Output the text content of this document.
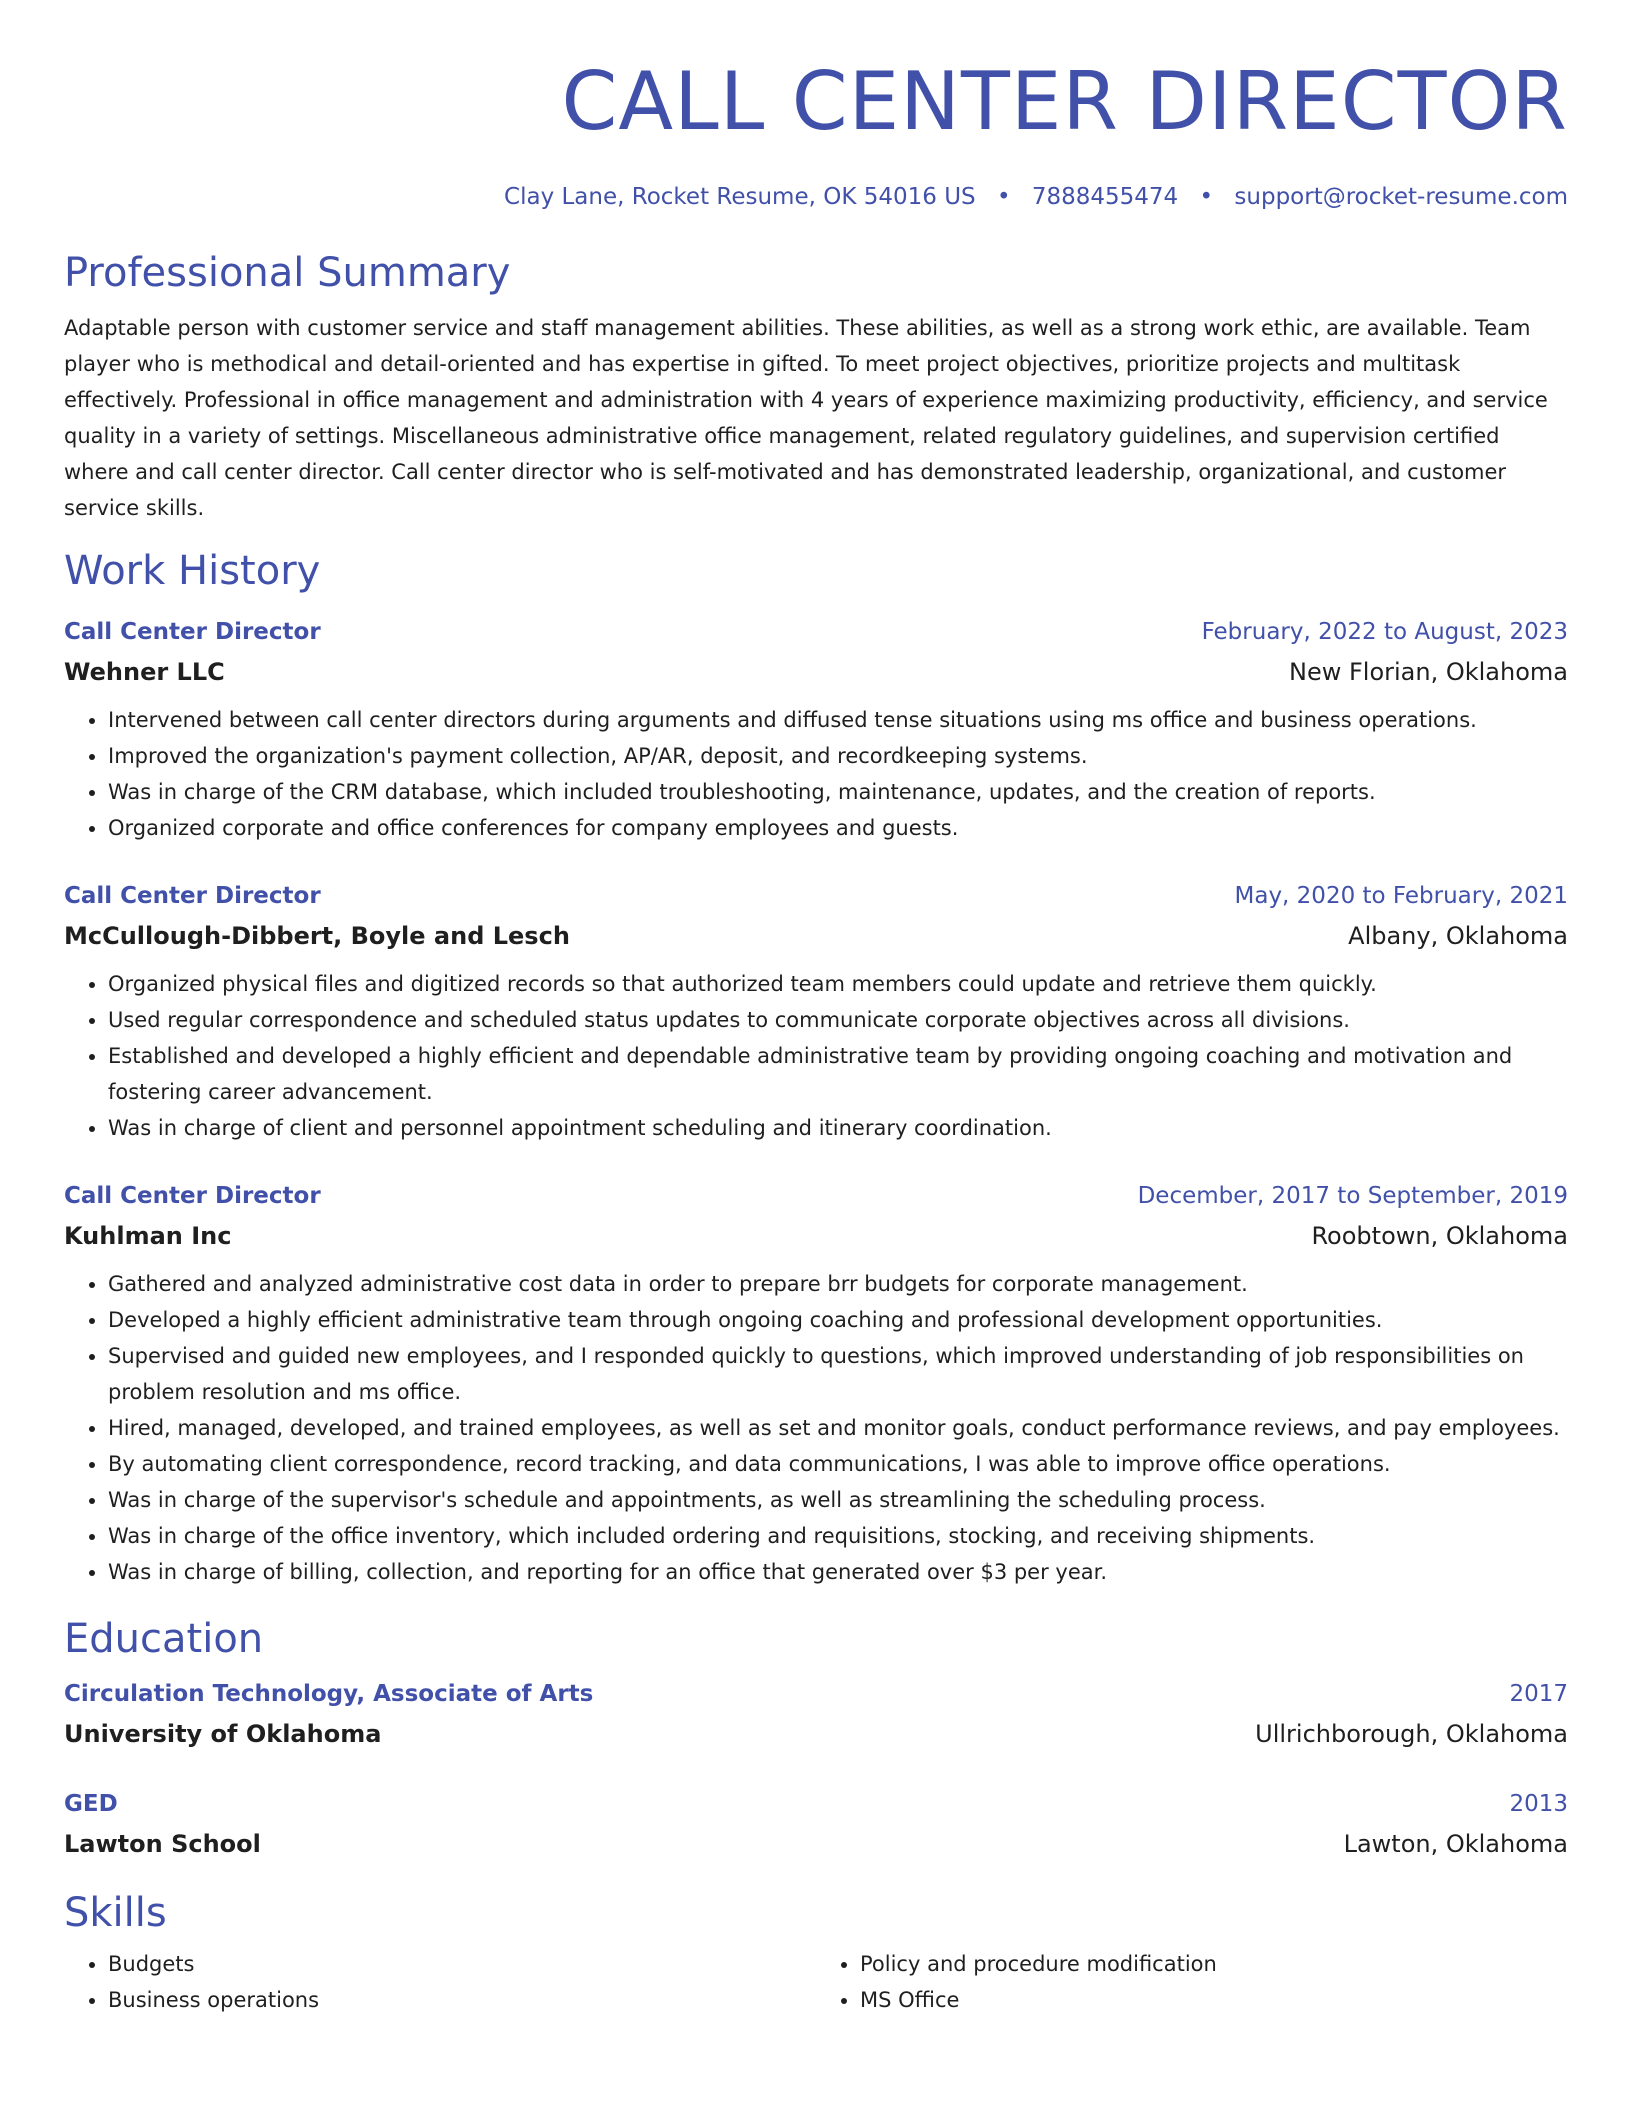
CALL CENTER DIRECTOR
Clay Lane, Rocket Resume, OK 54016 US • 7888455474 • support@rocket-resume.com
Professional Summary
Adaptable person with customer service and staff management abilities. These abilities, as well as a strong work ethic, are available. Team player who is methodical and detail-oriented and has expertise in gifted. To meet project objectives, prioritize projects and multitask effectively. Professional in office management and administration with 4 years of experience maximizing productivity, efficiency, and service quality in a variety of settings. Miscellaneous administrative office management, related regulatory guidelines, and supervision certified where and call center director. Call center director who is self-motivated and has demonstrated leadership, organizational, and customer service skills.
Work History
Call Center Director	February, 2022 to August, 2023
Wehner LLC	New Florian, Oklahoma
• Intervened between call center directors during arguments and diffused tense situations using ms office and business operations.
• Improved the organization's payment collection, AP/AR, deposit, and recordkeeping systems.
• Was in charge of the CRM database, which included troubleshooting, maintenance, updates, and the creation of reports.
• Organized corporate and office conferences for company employees and guests.
Call Center Director	May, 2020 to February, 2021
McCullough-Dibbert, Boyle and Lesch	Albany, Oklahoma
• Organized physical files and digitized records so that authorized team members could update and retrieve them quickly.
• Used regular correspondence and scheduled status updates to communicate corporate objectives across all divisions.
• Established and developed a highly efficient and dependable administrative team by providing ongoing coaching and motivation and fostering career advancement.
• Was in charge of client and personnel appointment scheduling and itinerary coordination.
Call Center Director	December, 2017 to September, 2019
Kuhlman Inc	Roobtown, Oklahoma
• Gathered and analyzed administrative cost data in order to prepare brr budgets for corporate management.
• Developed a highly efficient administrative team through ongoing coaching and professional development opportunities.
• Supervised and guided new employees, and I responded quickly to questions, which improved understanding of job responsibilities on problem resolution and ms office.
• Hired, managed, developed, and trained employees, as well as set and monitor goals, conduct performance reviews, and pay employees.
• By automating client correspondence, record tracking, and data communications, I was able to improve office operations.
• Was in charge of the supervisor's schedule and appointments, as well as streamlining the scheduling process.
• Was in charge of the office inventory, which included ordering and requisitions, stocking, and receiving shipments.
• Was in charge of billing, collection, and reporting for an office that generated over $3 per year.
Education
Circulation Technology, Associate of Arts	2017
University of Oklahoma	Ullrichborough, Oklahoma
GED	2013
Lawton School	Lawton, Oklahoma
Skills
• Budgets
• Business operations
• Policy and procedure modification
• MS Office
